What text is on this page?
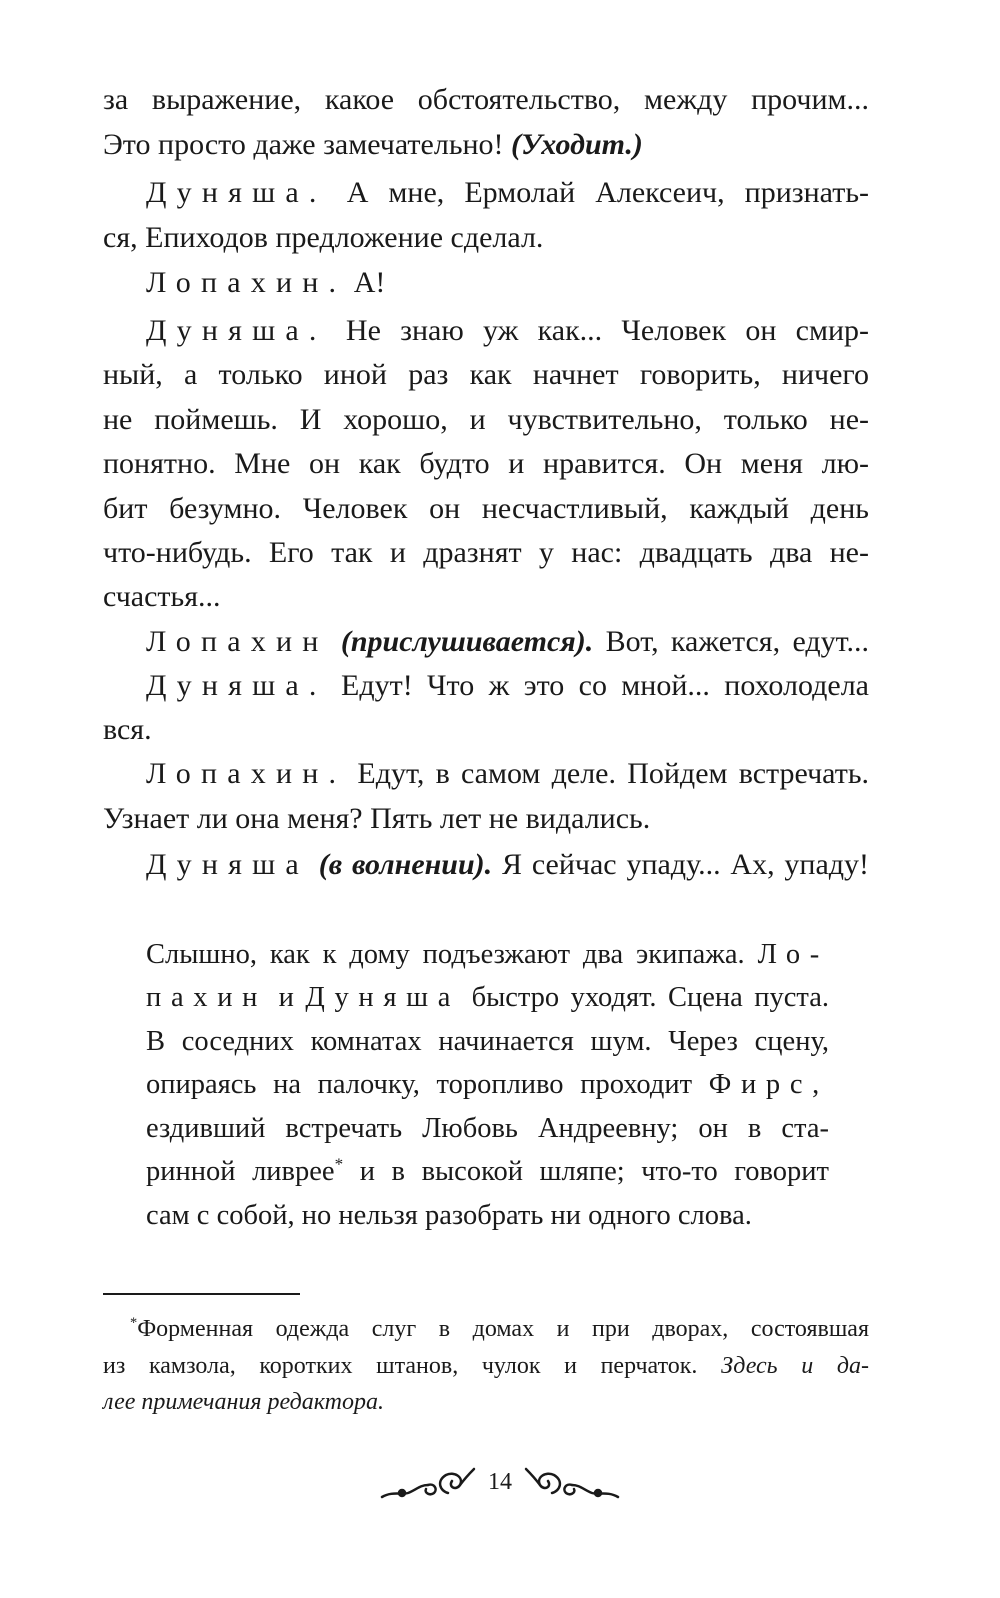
за выражение, какое обстоятельство, между прочим...
Это просто даже замечательно! (Уходит.)
Дуняша. А мне, Ермолай Алексеич, признать-
ся, Епиходов предложение сделал.
Лопахин. А!
Дуняша. Не знаю уж как... Человек он смир-
ный, а только иной раз как начнет говорить, ничего
не поймешь. И хорошо, и чувствительно, только не-
понятно. Мне он как будто и нравится. Он меня лю-
бит безумно. Человек он несчастливый, каждый день
что-нибудь. Его так и дразнят у нас: двадцать два не-
счастья...
Лопахин (прислушивается). Вот, кажется, едут...
Дуняша. Едут! Что ж это со мной... похолодела
вся.
Лопахин. Едут, в самом деле. Пойдем встречать.
Узнает ли она меня? Пять лет не видались.
Дуняша (в волнении). Я сейчас упаду... Ах, упаду!
Слышно, как к дому подъезжают два экипажа. Ло-
пахин и Дуняша быстро уходят. Сцена пуста.
В соседних комнатах начинается шум. Через сцену,
опираясь на палочку, торопливо проходит Фирс,
ездивший встречать Любовь Андреевну; он в ста-
ринной ливрее* и в высокой шляпе; что-то говорит
сам с собой, но нельзя разобрать ни одного слова.
*Форменная одежда слуг в домах и при дворах, состоявшая
из камзола, коротких штанов, чулок и перчаток. Здесь и да-
лее примечания редактора.
14
